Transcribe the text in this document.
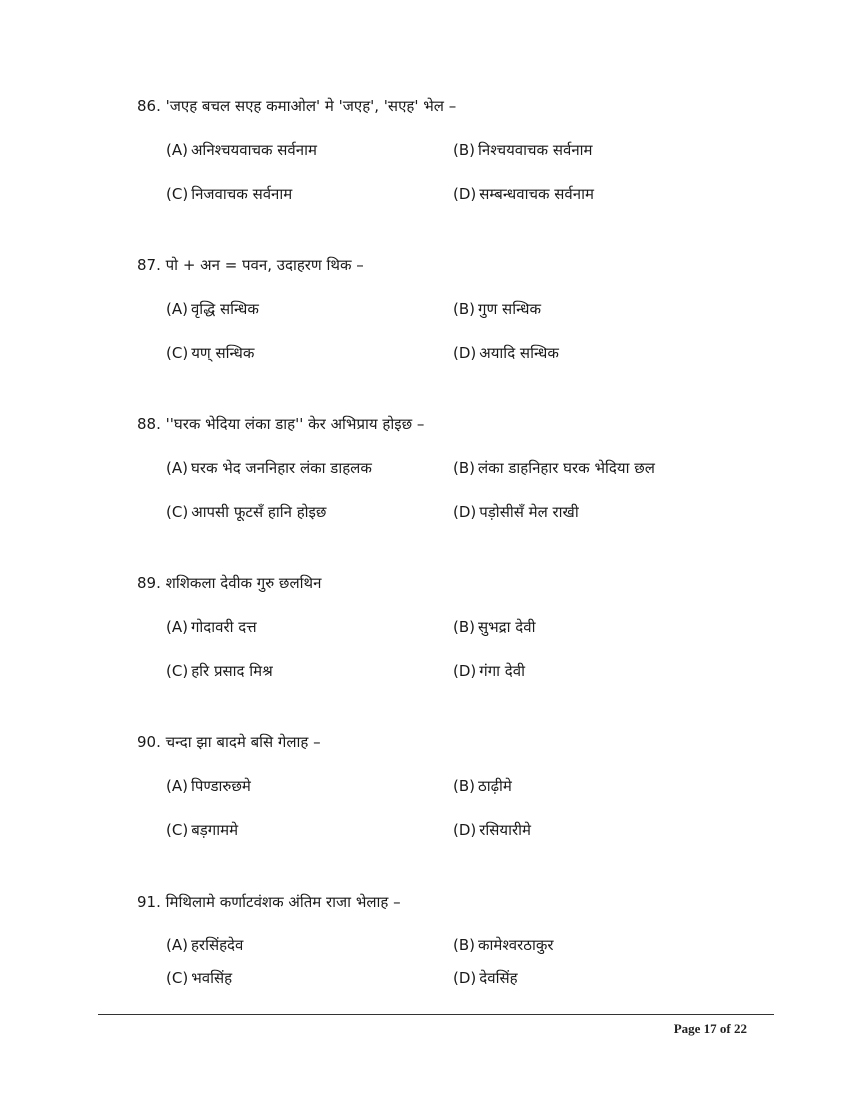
86. 'जएह बचल सएह कमाओल' मे 'जएह', 'सएह' भेल –
(A) अनिश्चयवाचक सर्वनाम	(B) निश्चयवाचक सर्वनाम
(C) निजवाचक सर्वनाम	(D) सम्बन्धवाचक सर्वनाम
87. पो + अन = पवन, उदाहरण थिक –
(A) वृद्धि सन्धिक	(B) गुण सन्धिक
(C) यण् सन्धिक	(D) अयादि सन्धिक
88. ''घरक भेदिया लंका डाह'' केर अभिप्राय होइछ –
(A) घरक भेद जननिहार लंका डाहलक	(B) लंका डाहनिहार घरक भेदिया छल
(C) आपसी फूटसँ हानि होइछ	(D) पड़ोसीसँ मेल राखी
89. शशिकला देवीक गुरु छलथिन
(A) गोदावरी दत्त	(B) सुभद्रा देवी
(C) हरि प्रसाद मिश्र	(D) गंगा देवी
90. चन्दा झा बादमे बसि गेलाह –
(A) पिण्डारुछमे	(B) ठाढ़ीमे
(C) बड़गाममे	(D) रसियारीमे
91. मिथिलामे कर्णाटवंशक अंतिम राजा भेलाह –
(A) हरसिंहदेव	(B) कामेश्वरठाकुर
(C) भवसिंह	(D) देवसिंह
Page 17 of 22
